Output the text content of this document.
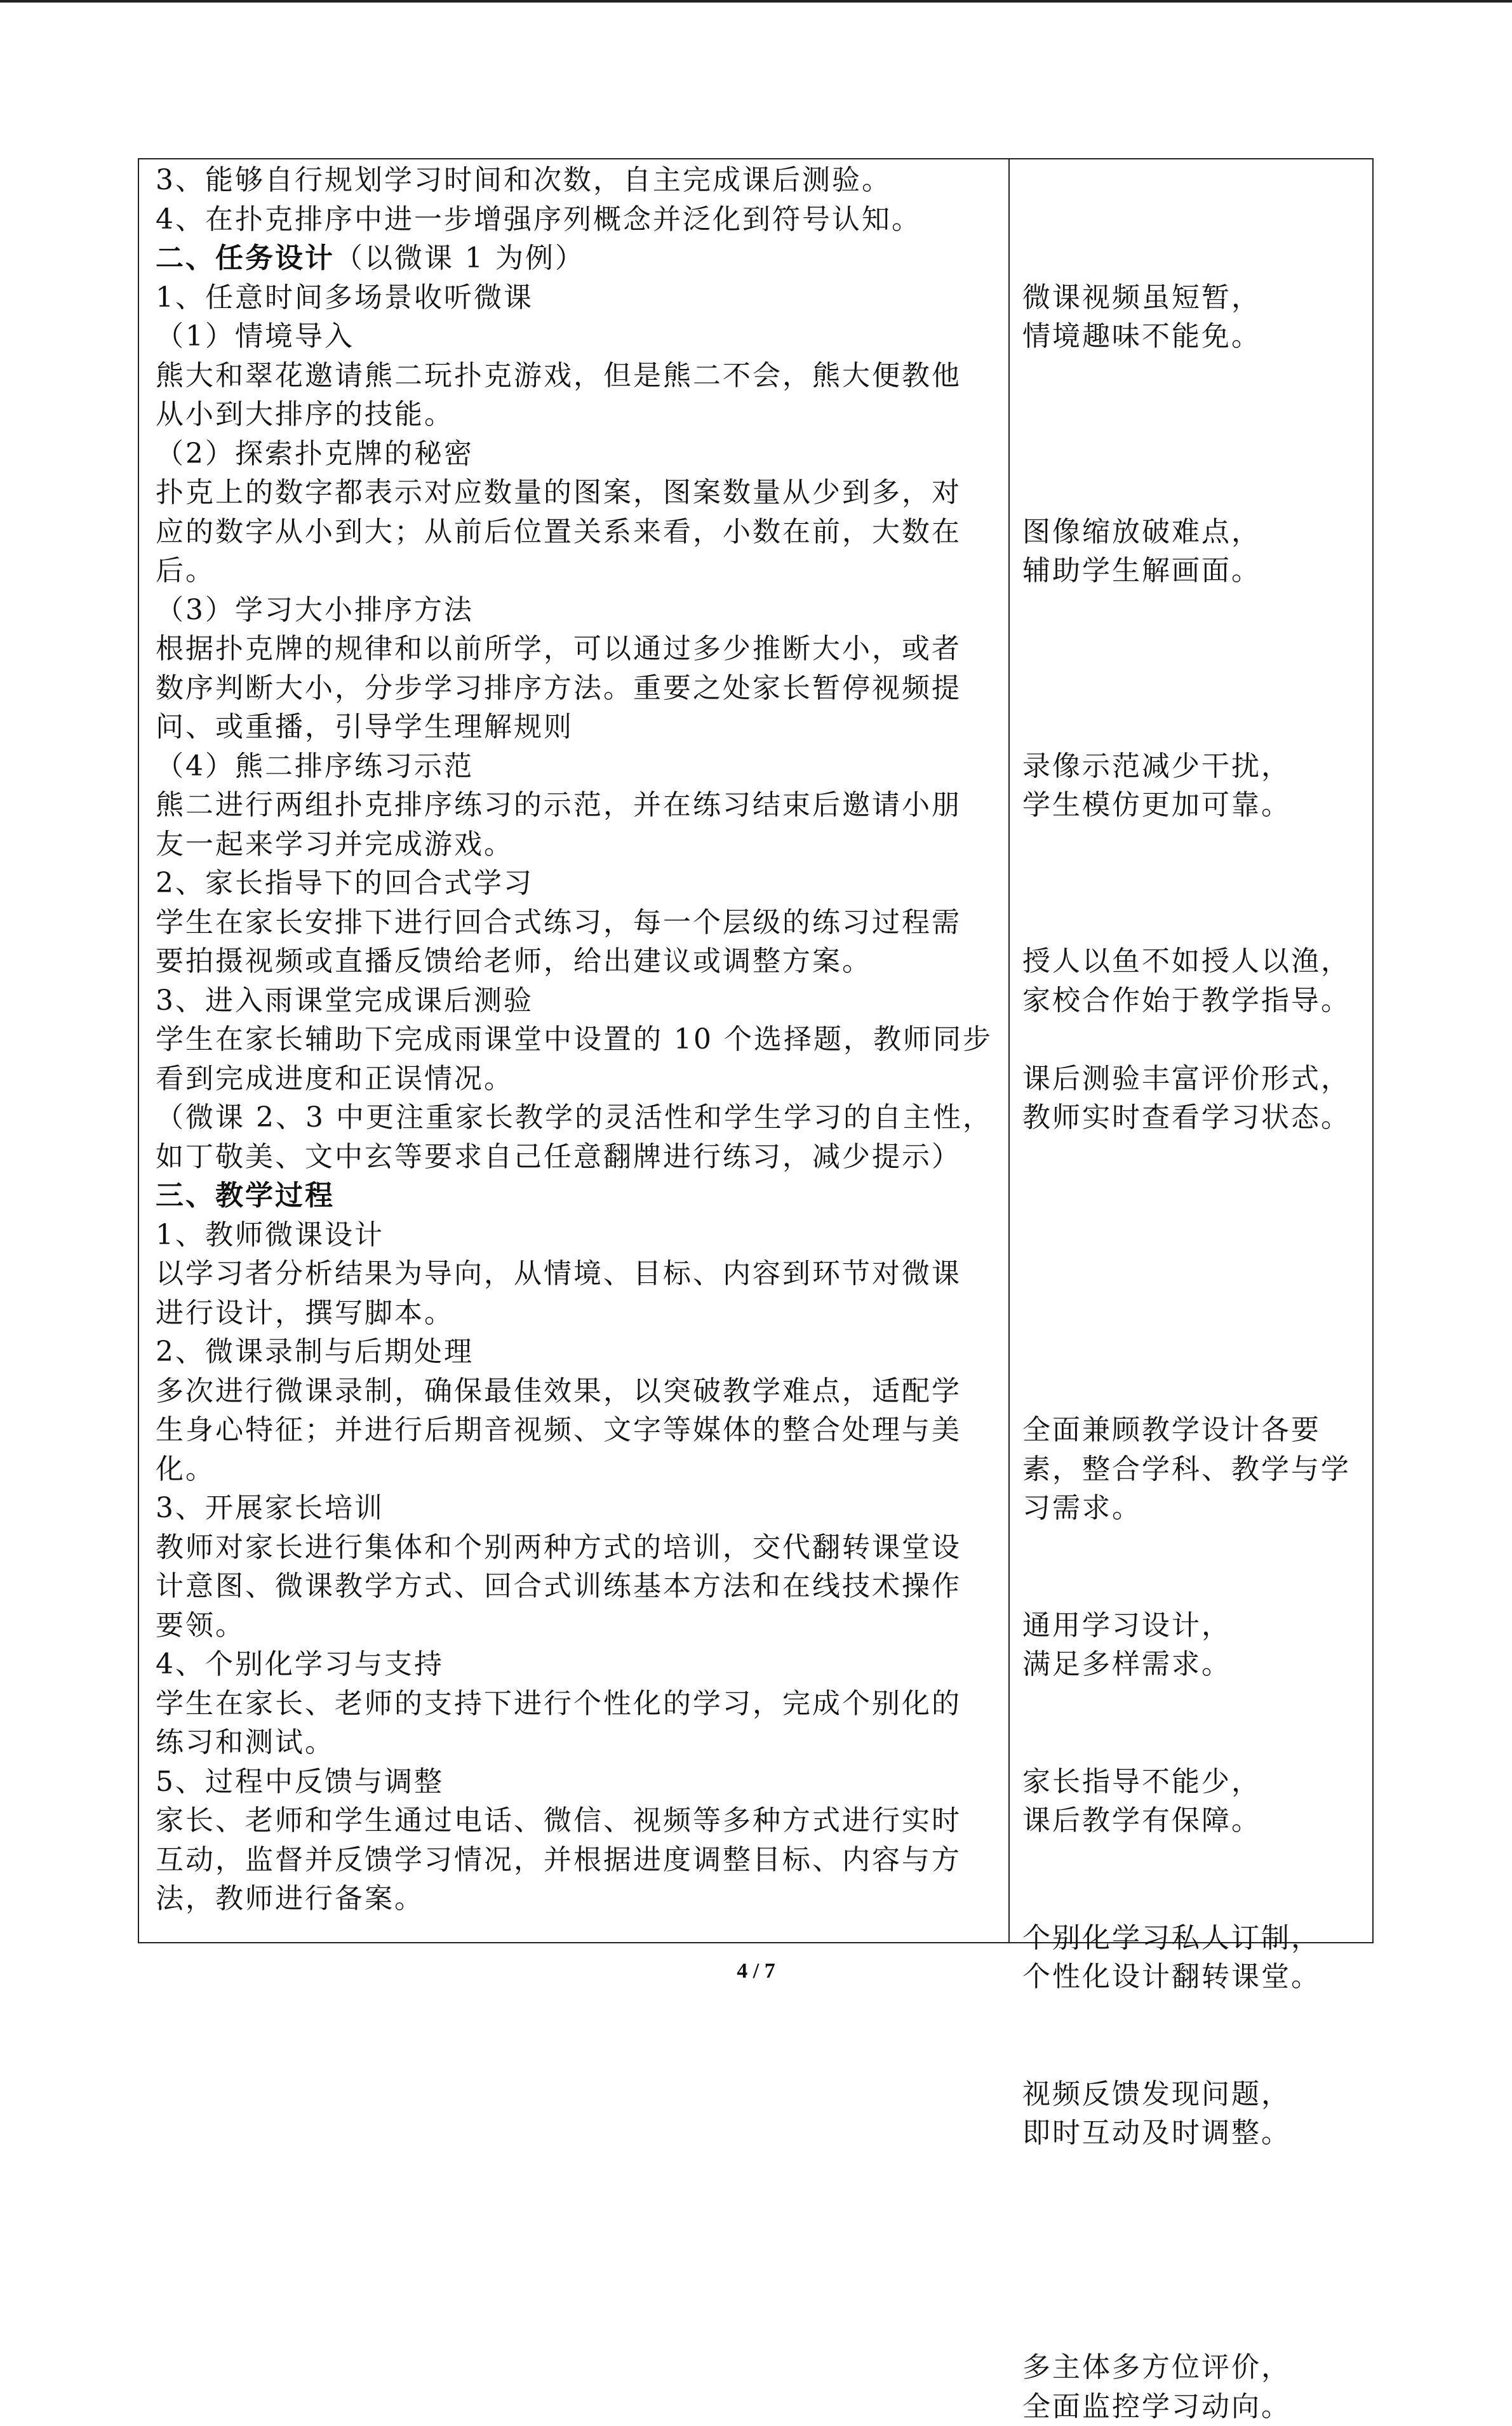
3、能够自行规划学习时间和次数，自主完成课后测验。
4、在扑克排序中进一步增强序列概念并泛化到符号认知。
二、任务设计（以微课 1 为例）
1、任意时间多场景收听微课
（1）情境导入
熊大和翠花邀请熊二玩扑克游戏，但是熊二不会，熊大便教他
从小到大排序的技能。
（2）探索扑克牌的秘密
扑克上的数字都表示对应数量的图案，图案数量从少到多，对
应的数字从小到大；从前后位置关系来看，小数在前，大数在
后。
（3）学习大小排序方法
根据扑克牌的规律和以前所学，可以通过多少推断大小，或者
数序判断大小，分步学习排序方法。重要之处家长暂停视频提
问、或重播，引导学生理解规则
（4）熊二排序练习示范
熊二进行两组扑克排序练习的示范，并在练习结束后邀请小朋
友一起来学习并完成游戏。
2、家长指导下的回合式学习
学生在家长安排下进行回合式练习，每一个层级的练习过程需
要拍摄视频或直播反馈给老师，给出建议或调整方案。
3、进入雨课堂完成课后测验
学生在家长辅助下完成雨课堂中设置的 10 个选择题，教师同步
看到完成进度和正误情况。
（微课 2、3 中更注重家长教学的灵活性和学生学习的自主性，
如丁敬美、文中玄等要求自己任意翻牌进行练习，减少提示）
三、教学过程
1、教师微课设计
以学习者分析结果为导向，从情境、目标、内容到环节对微课
进行设计，撰写脚本。
2、微课录制与后期处理
多次进行微课录制，确保最佳效果，以突破教学难点，适配学
生身心特征；并进行后期音视频、文字等媒体的整合处理与美
化。
3、开展家长培训
教师对家长进行集体和个别两种方式的培训，交代翻转课堂设
计意图、微课教学方式、回合式训练基本方法和在线技术操作
要领。
4、个别化学习与支持
学生在家长、老师的支持下进行个性化的学习，完成个别化的
练习和测试。
5、过程中反馈与调整
家长、老师和学生通过电话、微信、视频等多种方式进行实时
互动，监督并反馈学习情况，并根据进度调整目标、内容与方
法，教师进行备案。
微课视频虽短暂，
情境趣味不能免。
图像缩放破难点，
辅助学生解画面。
录像示范减少干扰，
学生模仿更加可靠。
授人以鱼不如授人以渔，
家校合作始于教学指导。
课后测验丰富评价形式，
教师实时查看学习状态。
全面兼顾教学设计各要
素，整合学科、教学与学
习需求。
通用学习设计，
满足多样需求。
家长指导不能少，
课后教学有保障。
个别化学习私人订制，
个性化设计翻转课堂。
视频反馈发现问题，
即时互动及时调整。
多主体多方位评价，
全面监控学习动向。
4 / 7
